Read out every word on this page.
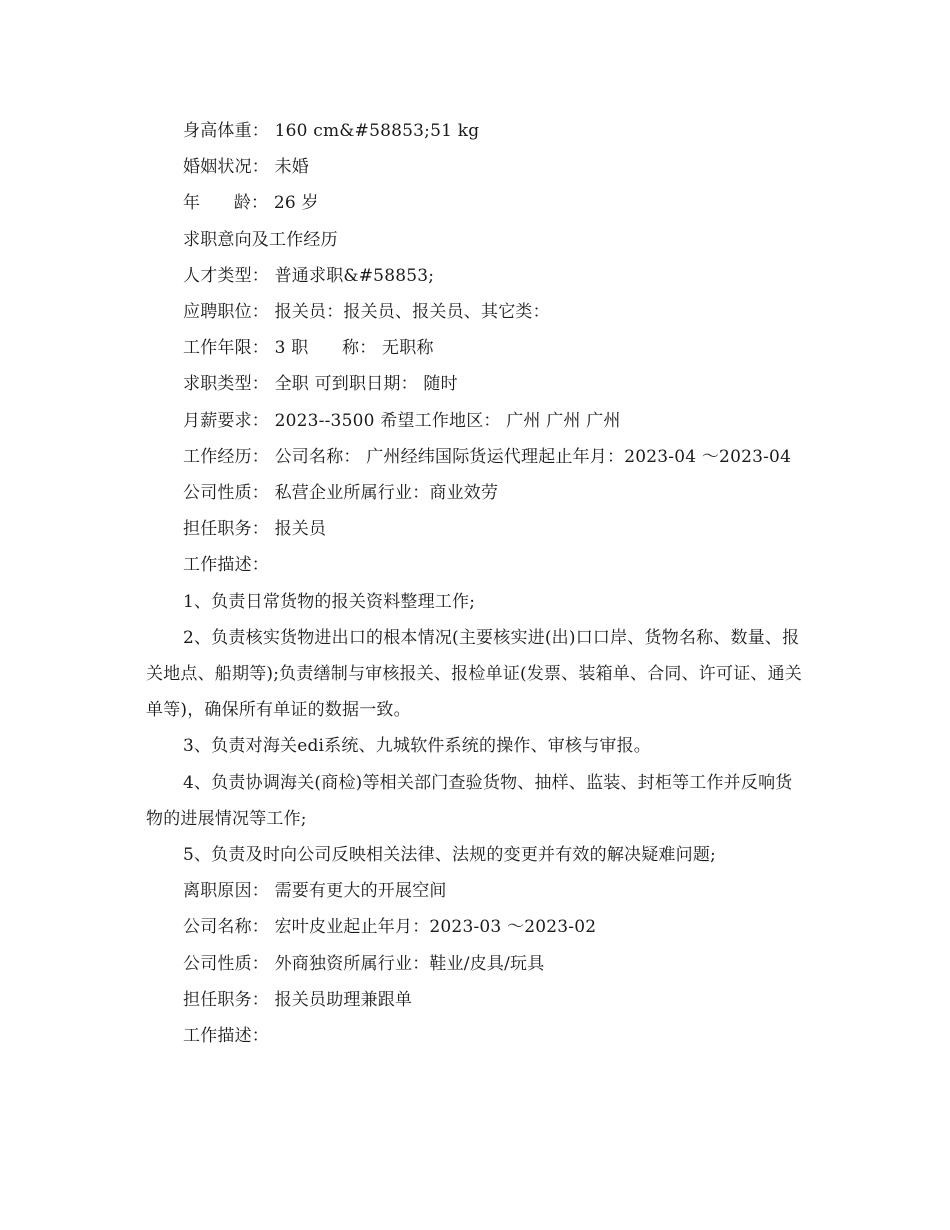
身高体重： 160 cm&#58853;51 kg

婚姻状况： 未婚

年      龄： 26 岁

求职意向及工作经历

人才类型： 普通求职&#58853;

应聘职位： 报关员：报关员、报关员、其它类：

工作年限： 3 职      称： 无职称

求职类型： 全职 可到职日期： 随时

月薪要求： 2023--3500 希望工作地区： 广州 广州 广州

工作经历： 公司名称： 广州经纬国际货运代理起止年月：2023-04 ～2023-04

公司性质： 私营企业所属行业：商业效劳

担任职务： 报关员

工作描述：

1、负责日常货物的报关资料整理工作;

2、负责核实货物进出口的根本情况(主要核实进(出)口口岸、货物名称、数量、报关地点、船期等);负责缮制与审核报关、报检单证(发票、装箱单、合同、许可证、通关单等)，确保所有单证的数据一致。

3、负责对海关edi系统、九城软件系统的操作、审核与审报。

4、负责协调海关(商检)等相关部门查验货物、抽样、监装、封柜等工作并反响货物的进展情况等工作;

5、负责及时向公司反映相关法律、法规的变更并有效的解决疑难问题;

离职原因： 需要有更大的开展空间

公司名称： 宏叶皮业起止年月：2023-03 ～2023-02

公司性质： 外商独资所属行业：鞋业/皮具/玩具

担任职务： 报关员助理兼跟单

工作描述：
